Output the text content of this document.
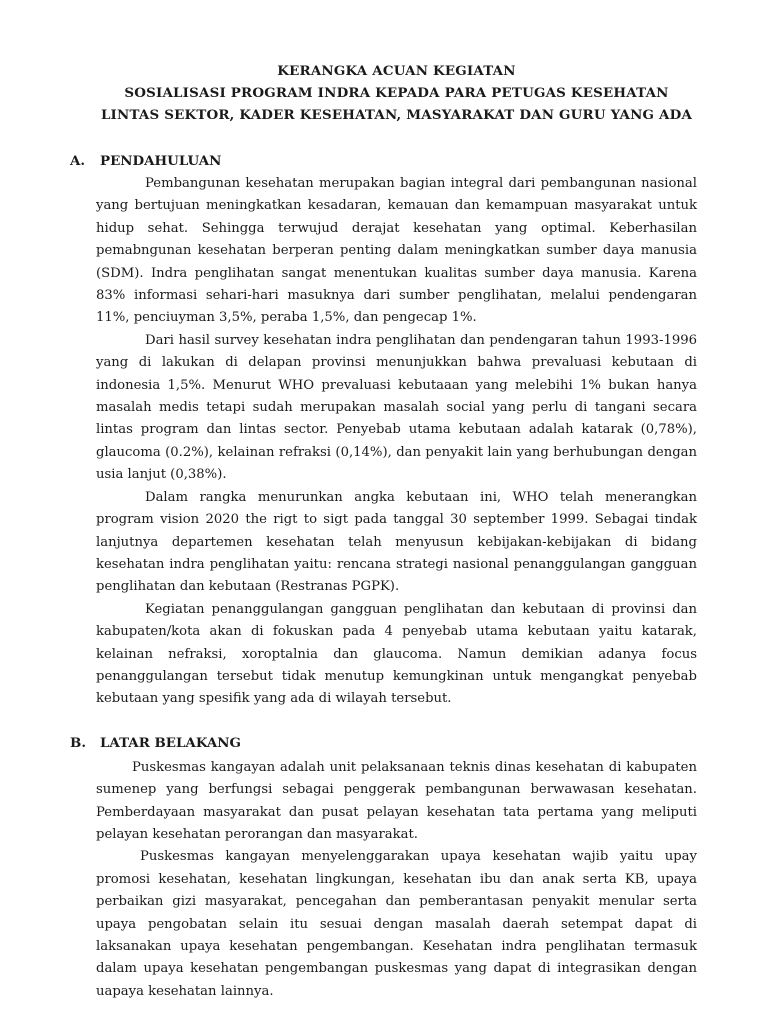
KERANGKA ACUAN KEGIATAN
SOSIALISASI PROGRAM INDRA KEPADA PARA PETUGAS KESEHATAN
LINTAS SEKTOR, KADER KESEHATAN, MASYARAKAT DAN GURU YANG ADA
A.	PENDAHULUAN

Pembangunan kesehatan merupakan bagian integral dari pembangunan nasional yang bertujuan meningkatkan kesadaran, kemauan dan kemampuan masyarakat untuk hidup sehat. Sehingga terwujud derajat kesehatan yang optimal. Keberhasilan pemabngunan kesehatan berperan penting dalam meningkatkan sumber daya manusia (SDM). Indra penglihatan sangat menentukan kualitas sumber daya manusia. Karena 83% informasi sehari-hari masuknya dari sumber penglihatan, melalui pendengaran 11%, penciuyman 3,5%, peraba 1,5%, dan pengecap 1%.

Dari hasil survey kesehatan indra penglihatan dan pendengaran tahun 1993-1996 yang di lakukan di delapan provinsi menunjukkan bahwa prevaluasi kebutaan di indonesia 1,5%. Menurut WHO prevaluasi kebutaaan yang melebihi 1% bukan hanya masalah medis tetapi sudah merupakan masalah social yang perlu di tangani secara lintas program dan lintas sector. Penyebab utama kebutaan adalah katarak (0,78%), glaucoma (0.2%), kelainan refraksi (0,14%), dan penyakit lain yang berhubungan dengan usia lanjut (0,38%).

Dalam rangka menurunkan angka kebutaan ini, WHO telah menerangkan program vision 2020 the rigt to sigt pada tanggal 30 september 1999. Sebagai tindak lanjutnya departemen kesehatan telah menyusun kebijakan-kebijakan di bidang kesehatan indra penglihatan yaitu: rencana strategi nasional penanggulangan gangguan penglihatan dan kebutaan (Restranas PGPK).

Kegiatan penanggulangan gangguan penglihatan dan kebutaan di provinsi dan kabupaten/kota akan di fokuskan pada 4 penyebab utama kebutaan yaitu katarak, kelainan nefraksi, xoroptalnia dan glaucoma. Namun demikian adanya focus penanggulangan tersebut tidak menutup kemungkinan untuk mengangkat penyebab kebutaan yang spesifik yang ada di wilayah tersebut.

B.	LATAR BELAKANG

Puskesmas kangayan adalah unit pelaksanaan teknis dinas kesehatan di kabupaten sumenep yang berfungsi sebagai penggerak pembangunan berwawasan kesehatan. Pemberdayaan masyarakat dan pusat pelayan kesehatan tata pertama yang meliputi pelayan kesehatan perorangan dan masyarakat.

Puskesmas kangayan menyelenggarakan upaya kesehatan wajib yaitu upay promosi kesehatan, kesehatan lingkungan, kesehatan ibu dan anak serta KB, upaya perbaikan gizi masyarakat, pencegahan dan pemberantasan penyakit menular serta upaya pengobatan selain itu sesuai dengan masalah daerah setempat dapat di laksanakan upaya kesehatan pengembangan. Kesehatan indra penglihatan termasuk dalam upaya kesehatan pengembangan puskesmas yang dapat di integrasikan dengan uapaya kesehatan lainnya.
